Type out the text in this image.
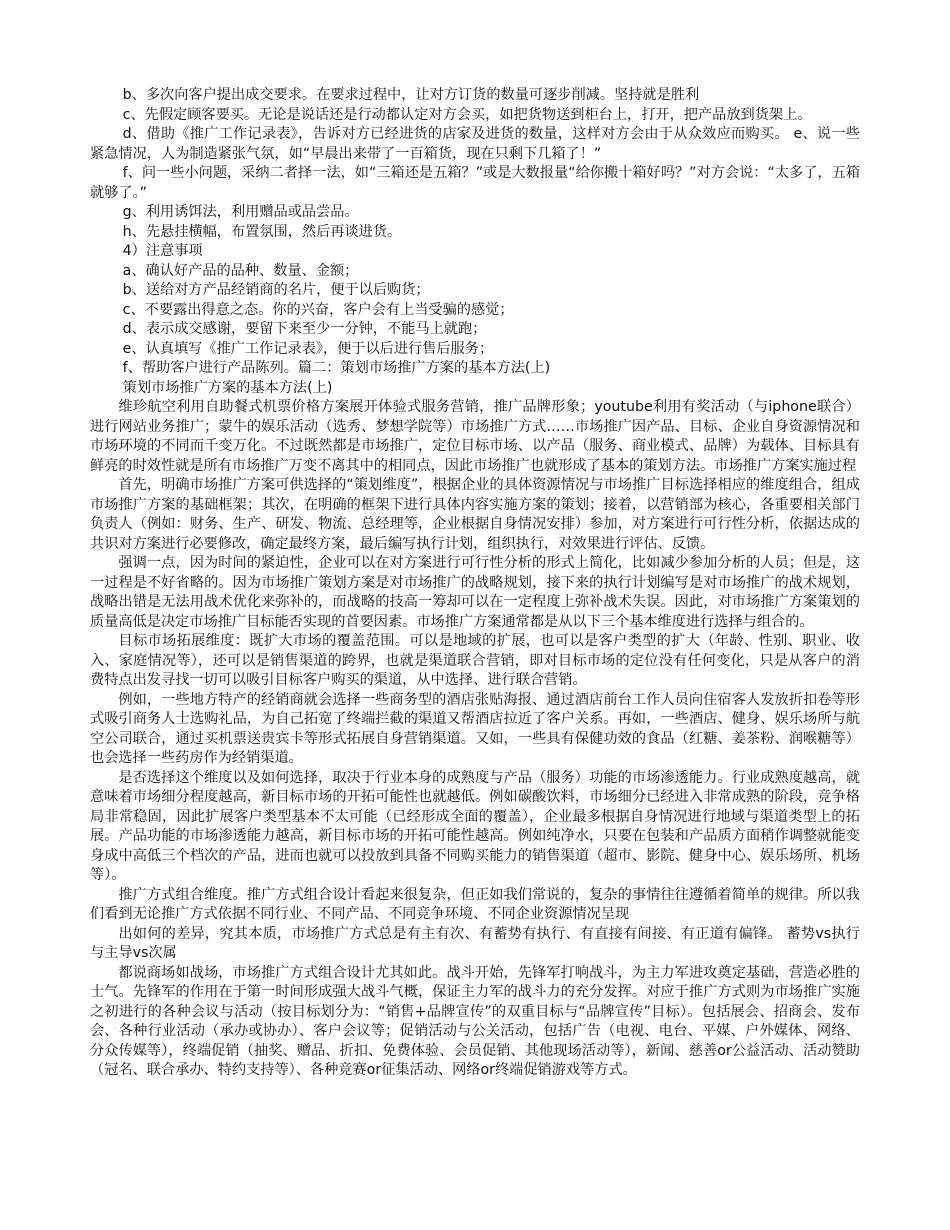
b、多次向客户提出成交要求。在要求过程中，让对方订货的数量可逐步削减。坚持就是胜利

c、先假定顾客要买。无论是说话还是行动都认定对方会买，如把货物送到柜台上，打开，把产品放到货架上。

d、借助《推广工作记录表》，告诉对方已经进货的店家及进货的数量，这样对方会由于从众效应而购买。 e、说一些紧急情况，人为制造紧张气氛，如“早晨出来带了一百箱货，现在只剩下几箱了！”

f、问一些小问题，采纳二者择一法，如“三箱还是五箱？”或是大数报量“给你搬十箱好吗？”对方会说：“太多了，五箱就够了。”

g、利用诱饵法，利用赠品或品尝品。

h、先悬挂横幅，布置氛围，然后再谈进货。

4）注意事项

a、确认好产品的品种、数量、金额；

b、送给对方产品经销商的名片，便于以后购货；

c、不要露出得意之态。你的兴奋，客户会有上当受骗的感觉；

d、表示成交感谢，要留下来至少一分钟，不能马上就跑；

e、认真填写《推广工作记录表》，便于以后进行售后服务；

f、帮助客户进行产品陈列。篇二：策划市场推广方案的基本方法(上)

策划市场推广方案的基本方法(上)

维珍航空利用自助餐式机票价格方案展开体验式服务营销，推广品牌形象；youtube利用有奖活动（与iphone联合）进行网站业务推广；蒙牛的娱乐活动（选秀、梦想学院等）市场推广方式……市场推广因产品、目标、企业自身资源情况和市场环境的不同而千变万化。不过既然都是市场推广，定位目标市场、以产品（服务、商业模式、品牌）为载体、目标具有鲜亮的时效性就是所有市场推广万变不离其中的相同点，因此市场推广也就形成了基本的策划方法。市场推广方案实施过程

首先，明确市场推广方案可供选择的“策划维度”，根据企业的具体资源情况与市场推广目标选择相应的维度组合，组成市场推广方案的基础框架；其次，在明确的框架下进行具体内容实施方案的策划；接着，以营销部为核心，各重要相关部门负责人（例如：财务、生产、研发、物流、总经理等，企业根据自身情况安排）参加，对方案进行可行性分析，依据达成的共识对方案进行必要修改，确定最终方案，最后编写执行计划，组织执行，对效果进行评估、反馈。

强调一点，因为时间的紧迫性，企业可以在对方案进行可行性分析的形式上简化，比如减少参加分析的人员；但是，这一过程是不好省略的。因为市场推广策划方案是对市场推广的战略规划，接下来的执行计划编写是对市场推广的战术规划，战略出错是无法用战术优化来弥补的，而战略的技高一筹却可以在一定程度上弥补战术失误。因此，对市场推广方案策划的质量高低是决定市场推广目标能否实现的首要因素。市场推广方案通常都是从以下三个基本维度进行选择与组合的。

目标市场拓展维度：既扩大市场的覆盖范围。可以是地域的扩展，也可以是客户类型的扩大（年龄、性别、职业、收入、家庭情况等），还可以是销售渠道的跨界，也就是渠道联合营销，即对目标市场的定位没有任何变化，只是从客户的消费特点出发寻找一切可以吸引目标客户购买的渠道，从中选择、进行联合营销。

例如，一些地方特产的经销商就会选择一些商务型的酒店张贴海报、通过酒店前台工作人员向住宿客人发放折扣卷等形式吸引商务人士选购礼品，为自己拓宽了终端拦截的渠道又帮酒店拉近了客户关系。再如，一些酒店、健身、娱乐场所与航空公司联合，通过买机票送贵宾卡等形式拓展自身营销渠道。又如，一些具有保健功效的食品（红糖、姜茶粉、润喉糖等）也会选择一些药房作为经销渠道。

是否选择这个维度以及如何选择，取决于行业本身的成熟度与产品（服务）功能的市场渗透能力。行业成熟度越高，就意味着市场细分程度越高，新目标市场的开拓可能性也就越低。例如碳酸饮料，市场细分已经进入非常成熟的阶段，竞争格局非常稳固，因此扩展客户类型基本不太可能（已经形成全面的覆盖），企业最多根据自身情况进行地域与渠道类型上的拓展。产品功能的市场渗透能力越高，新目标市场的开拓可能性越高。例如纯净水，只要在包装和产品质方面稍作调整就能变身成中高低三个档次的产品，进而也就可以投放到具备不同购买能力的销售渠道（超市、影院、健身中心、娱乐场所、机场等）。

推广方式组合维度。推广方式组合设计看起来很复杂，但正如我们常说的，复杂的事情往往遵循着简单的规律。所以我们看到无论推广方式依据不同行业、不同产品、不同竞争环境、不同企业资源情况呈现

出如何的差异，究其本质，市场推广方式总是有主有次、有蓄势有执行、有直接有间接、有正道有偏锋。 蓄势vs执行与主导vs次属

都说商场如战场，市场推广方式组合设计尤其如此。战斗开始，先锋军打响战斗，为主力军进攻奠定基础，营造必胜的士气。先锋军的作用在于第一时间形成强大战斗气概，保证主力军的战斗力的充分发挥。对应于推广方式则为市场推广实施之初进行的各种会议与活动（按目标划分为：“销售+品牌宣传”的双重目标与“品牌宣传”目标）。包括展会、招商会、发布会、各种行业活动（承办或协办）、客户会议等；促销活动与公关活动，包括广告（电视、电台、平媒、户外媒体、网络、分众传媒等），终端促销（抽奖、赠品、折扣、免费体验、会员促销、其他现场活动等），新闻、慈善or公益活动、活动赞助（冠名、联合承办、特约支持等）、各种竞赛or征集活动、网络or终端促销游戏等方式。
